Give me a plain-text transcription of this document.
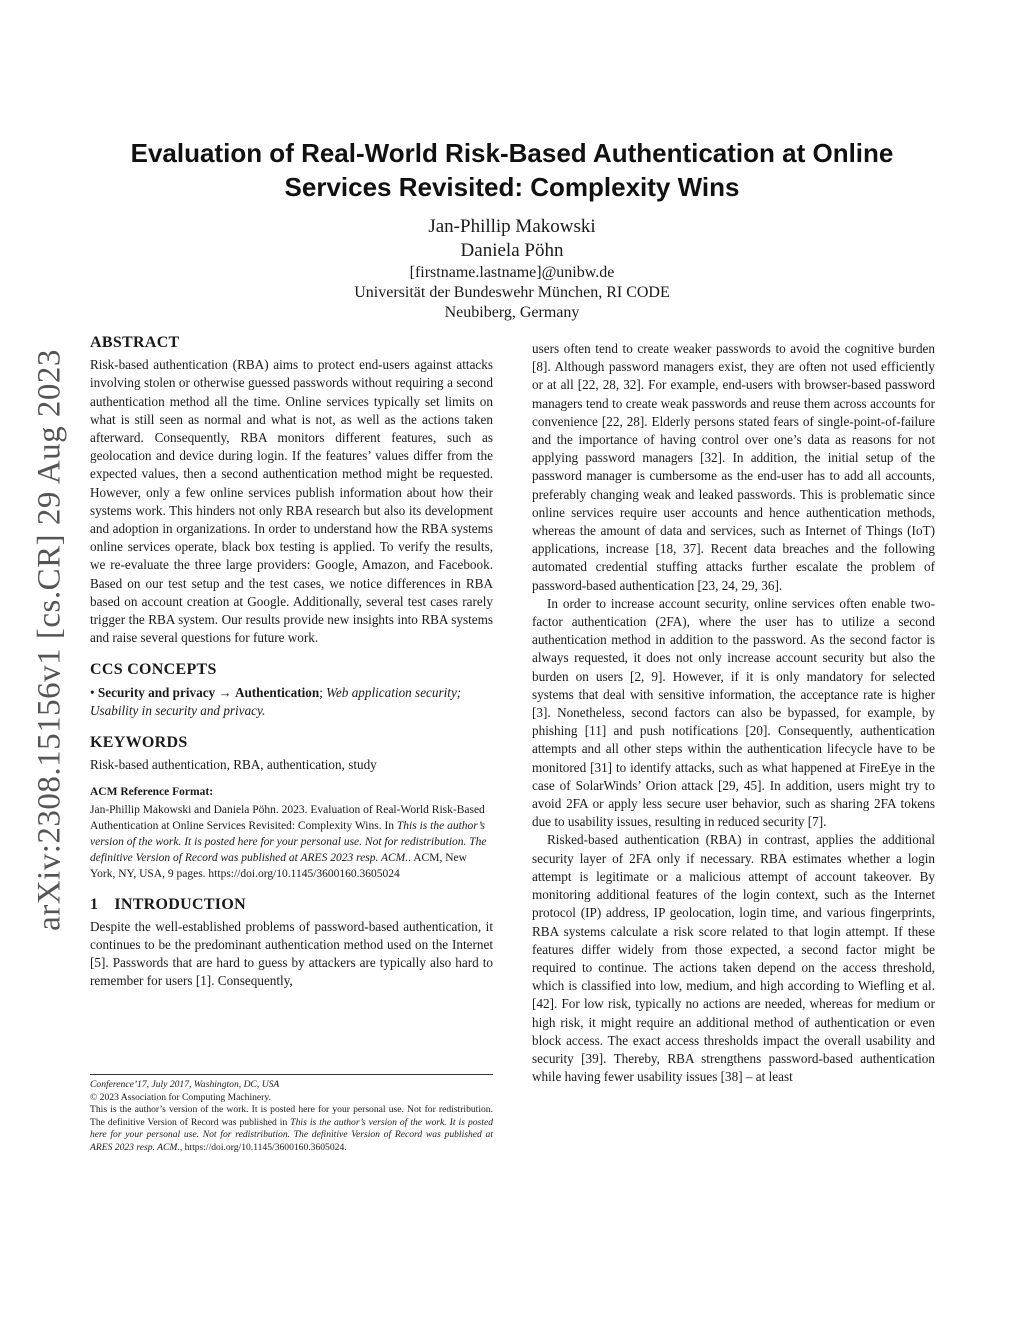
arXiv:2308.15156v1 [cs.CR] 29 Aug 2023
Evaluation of Real-World Risk-Based Authentication at Online Services Revisited: Complexity Wins
Jan-Phillip Makowski
Daniela Pöhn
[firstname.lastname]@unibw.de
Universität der Bundeswehr München, RI CODE
Neubiberg, Germany
ABSTRACT

Risk-based authentication (RBA) aims to protect end-users against attacks involving stolen or otherwise guessed passwords without requiring a second authentication method all the time. Online services typically set limits on what is still seen as normal and what is not, as well as the actions taken afterward. Consequently, RBA monitors different features, such as geolocation and device during login. If the features’ values differ from the expected values, then a second authentication method might be requested. However, only a few online services publish information about how their systems work. This hinders not only RBA research but also its development and adoption in organizations. In order to understand how the RBA systems online services operate, black box testing is applied. To verify the results, we re-evaluate the three large providers: Google, Amazon, and Facebook. Based on our test setup and the test cases, we notice differences in RBA based on account creation at Google. Additionally, several test cases rarely trigger the RBA system. Our results provide new insights into RBA systems and raise several questions for future work.

CCS CONCEPTS

• Security and privacy → Authentication; Web application security; Usability in security and privacy.

KEYWORDS

Risk-based authentication, RBA, authentication, study

ACM Reference Format:

Jan-Phillip Makowski and Daniela Pöhn. 2023. Evaluation of Real-World Risk-Based Authentication at Online Services Revisited: Complexity Wins. In This is the author’s version of the work. It is posted here for your personal use. Not for redistribution. The definitive Version of Record was published at ARES 2023 resp. ACM.. ACM, New York, NY, USA, 9 pages. https://doi.org/10.1145/3600160.3605024

1 INTRODUCTION

Despite the well-established problems of password-based authentication, it continues to be the predominant authentication method used on the Internet [5]. Passwords that are hard to guess by attackers are typically also hard to remember for users [1]. Consequently,

Conference’17, July 2017, Washington, DC, USA

© 2023 Association for Computing Machinery.

This is the author’s version of the work. It is posted here for your personal use. Not for redistribution. The definitive Version of Record was published in This is the author’s version of the work. It is posted here for your personal use. Not for redistribution. The definitive Version of Record was published at ARES 2023 resp. ACM., https://doi.org/10.1145/3600160.3605024.

users often tend to create weaker passwords to avoid the cognitive burden [8]. Although password managers exist, they are often not used efficiently or at all [22, 28, 32]. For example, end-users with browser-based password managers tend to create weak passwords and reuse them across accounts for convenience [22, 28]. Elderly persons stated fears of single-point-of-failure and the importance of having control over one’s data as reasons for not applying password managers [32]. In addition, the initial setup of the password manager is cumbersome as the end-user has to add all accounts, preferably changing weak and leaked passwords. This is problematic since online services require user accounts and hence authentication methods, whereas the amount of data and services, such as Internet of Things (IoT) applications, increase [18, 37]. Recent data breaches and the following automated credential stuffing attacks further escalate the problem of password-based authentication [23, 24, 29, 36].

In order to increase account security, online services often enable two-factor authentication (2FA), where the user has to utilize a second authentication method in addition to the password. As the second factor is always requested, it does not only increase account security but also the burden on users [2, 9]. However, if it is only mandatory for selected systems that deal with sensitive information, the acceptance rate is higher [3]. Nonetheless, second factors can also be bypassed, for example, by phishing [11] and push notifications [20]. Consequently, authentication attempts and all other steps within the authentication lifecycle have to be monitored [31] to identify attacks, such as what happened at FireEye in the case of SolarWinds’ Orion attack [29, 45]. In addition, users might try to avoid 2FA or apply less secure user behavior, such as sharing 2FA tokens due to usability issues, resulting in reduced security [7].

Risked-based authentication (RBA) in contrast, applies the additional security layer of 2FA only if necessary. RBA estimates whether a login attempt is legitimate or a malicious attempt of account takeover. By monitoring additional features of the login context, such as the Internet protocol (IP) address, IP geolocation, login time, and various fingerprints, RBA systems calculate a risk score related to that login attempt. If these features differ widely from those expected, a second factor might be required to continue. The actions taken depend on the access threshold, which is classified into low, medium, and high according to Wiefling et al. [42]. For low risk, typically no actions are needed, whereas for medium or high risk, it might require an additional method of authentication or even block access. The exact access thresholds impact the overall usability and security [39]. Thereby, RBA strengthens password-based authentication while having fewer usability issues [38] – at least
